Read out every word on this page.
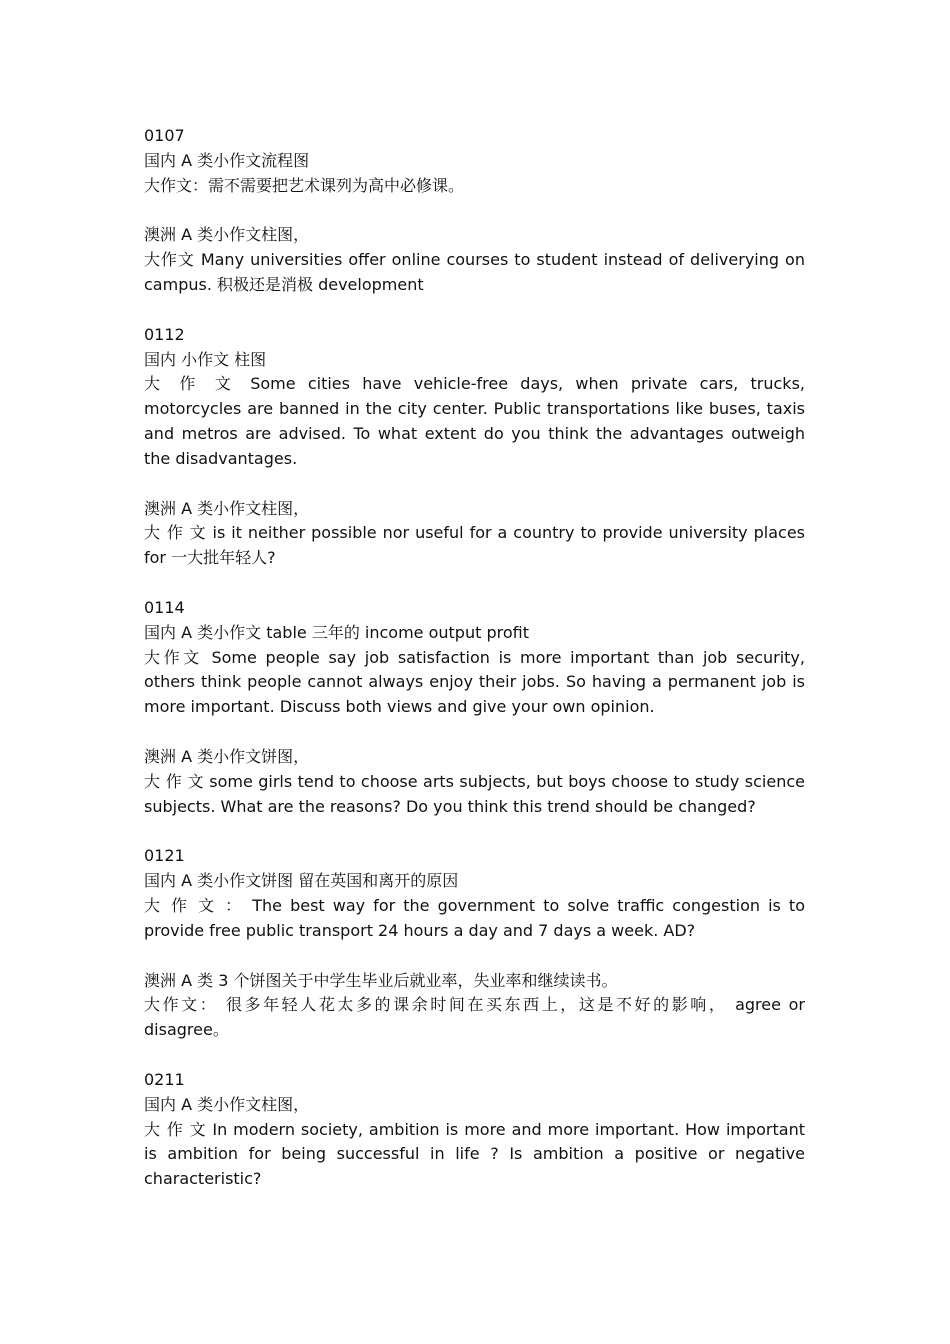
0107

国内 A 类小作文流程图

大作文：需不需要把艺术课列为高中必修课。

澳洲 A 类小作文柱图，

大作文 Many universities offer online courses to student instead of deliverying on campus. 积极还是消极 development

0112

国内 小作文 柱图

大 作 文 Some cities have vehicle-free days, when private cars, trucks, motorcycles are banned in the city center. Public transportations like buses, taxis and metros are advised. To what extent do you think the advantages outweigh the disadvantages.

澳洲 A 类小作文柱图，

大 作 文 is it neither possible nor useful for a country to provide university places for 一大批年轻人?

0114

国内 A 类小作文 table 三年的 income output profit

大作文 Some people say job satisfaction is more important than job security, others think people cannot always enjoy their jobs. So having a permanent job is more important. Discuss both views and give your own opinion.

澳洲 A 类小作文饼图，

大 作 文 some girls tend to choose arts subjects, but boys choose to study science subjects. What are the reasons? Do you think this trend should be changed?

0121

国内 A 类小作文饼图 留在英国和离开的原因

大 作 文 ： The best way for the government to solve traffic congestion is to provide free public transport 24 hours a day and 7 days a week. AD?

澳洲 A 类 3 个饼图关于中学生毕业后就业率，失业率和继续读书。

大作文： 很多年轻人花太多的课余时间在买东西上，这是不好的影响， agree or disagree。

0211

国内 A 类小作文柱图，

大 作 文 In modern society, ambition is more and more important. How important is ambition for being successful in life ? Is ambition a positive or negative characteristic?
